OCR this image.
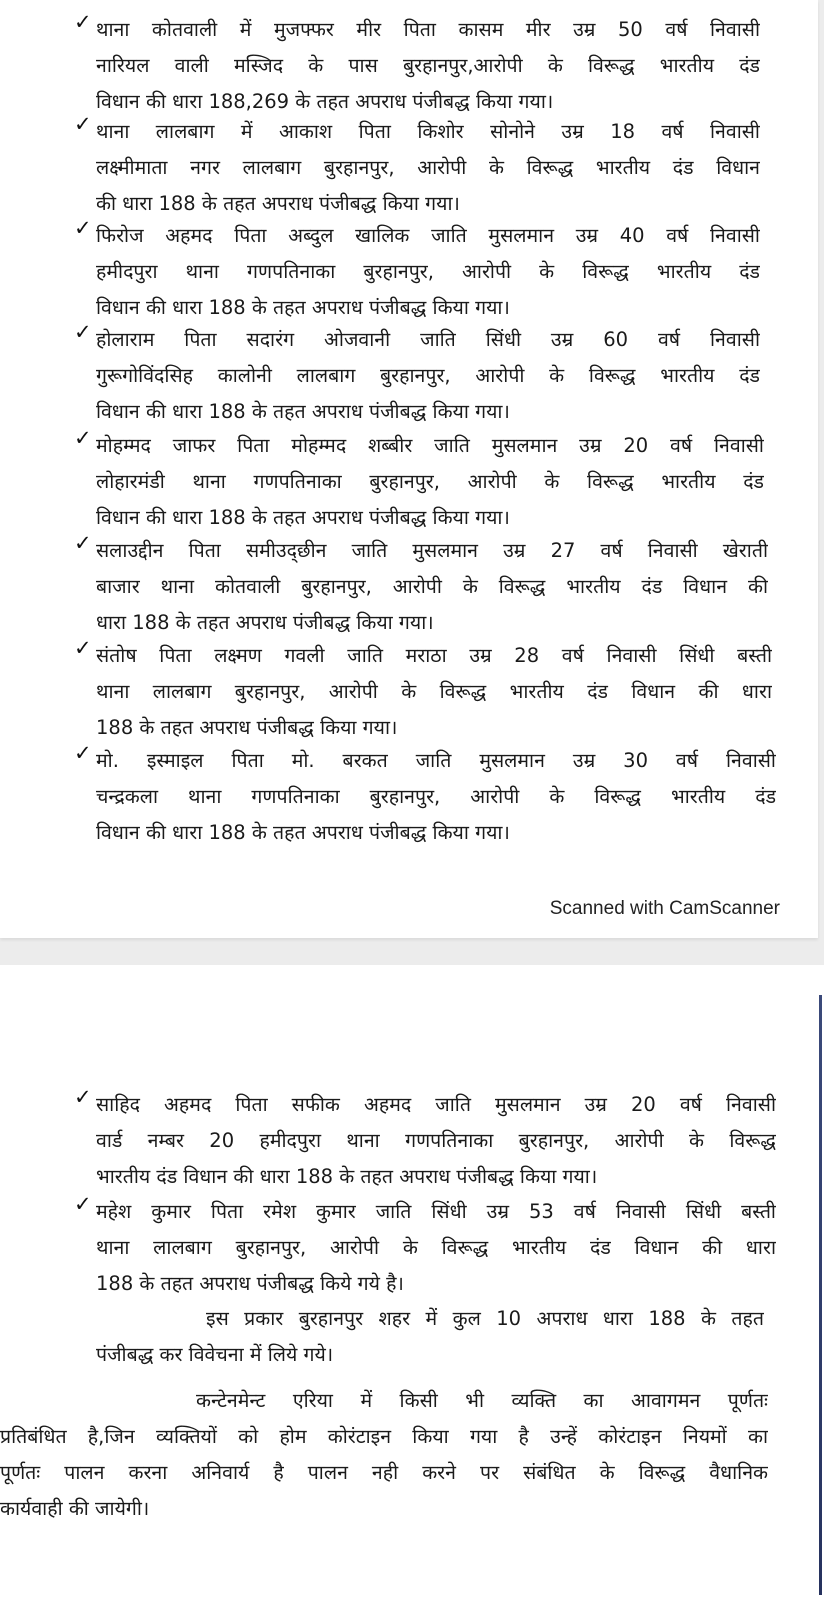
✓ थाना कोतवाली में मुजफ्फर मीर पिता कासम मीर उम्र 50 वर्ष निवासी
नारियल वाली मस्जिद के पास बुरहानपुर,आरोपी के विरूद्ध भारतीय दंड
विधान की धारा 188,269 के तहत अपराध पंजीबद्ध किया गया।
✓ थाना लालबाग में आकाश पिता किशोर सोनोने उम्र 18 वर्ष निवासी
लक्ष्मीमाता नगर लालबाग बुरहानपुर, आरोपी के विरूद्ध भारतीय दंड विधान
की धारा 188 के तहत अपराध पंजीबद्ध किया गया।
✓ फिरोज अहमद पिता अब्दुल खालिक जाति मुसलमान उम्र 40 वर्ष निवासी
हमीदपुरा थाना गणपतिनाका बुरहानपुर, आरोपी के विरूद्ध भारतीय दंड
विधान की धारा 188 के तहत अपराध पंजीबद्ध किया गया।
✓ होलाराम पिता सदारंग ओजवानी जाति सिंधी उम्र 60 वर्ष निवासी
गुरूगोविंदसिह कालोनी लालबाग बुरहानपुर, आरोपी के विरूद्ध भारतीय दंड
विधान की धारा 188 के तहत अपराध पंजीबद्ध किया गया।
✓ मोहम्मद जाफर पिता मोहम्मद शब्बीर जाति मुसलमान उम्र 20 वर्ष निवासी
लोहारमंडी थाना गणपतिनाका बुरहानपुर, आरोपी के विरूद्ध भारतीय दंड
विधान की धारा 188 के तहत अपराध पंजीबद्ध किया गया।
✓ सलाउद्दीन पिता समीउद्छीन जाति मुसलमान उम्र 27 वर्ष निवासी खेराती
बाजार थाना कोतवाली बुरहानपुर, आरोपी के विरूद्ध भारतीय दंड विधान की
धारा 188 के तहत अपराध पंजीबद्ध किया गया।
✓ संतोष पिता लक्ष्मण गवली जाति मराठा उम्र 28 वर्ष निवासी सिंधी बस्ती
थाना लालबाग बुरहानपुर, आरोपी के विरूद्ध भारतीय दंड विधान की धारा
188 के तहत अपराध पंजीबद्ध किया गया।
✓ मो. इस्माइल पिता मो. बरकत जाति मुसलमान उम्र 30 वर्ष निवासी
चन्द्रकला थाना गणपतिनाका बुरहानपुर, आरोपी के विरूद्ध भारतीय दंड
विधान की धारा 188 के तहत अपराध पंजीबद्ध किया गया।
Scanned with CamScanner
✓ साहिद अहमद पिता सफीक अहमद जाति मुसलमान उम्र 20 वर्ष निवासी
वार्ड नम्बर 20 हमीदपुरा थाना गणपतिनाका बुरहानपुर, आरोपी के विरूद्ध
भारतीय दंड विधान की धारा 188 के तहत अपराध पंजीबद्ध किया गया।
✓ महेश कुमार पिता रमेश कुमार जाति सिंधी उम्र 53 वर्ष निवासी सिंधी बस्ती
थाना लालबाग बुरहानपुर, आरोपी के विरूद्ध भारतीय दंड विधान की धारा
188 के तहत अपराध पंजीबद्ध किये गये है।
इस प्रकार बुरहानपुर शहर में कुल 10 अपराध धारा 188 के तहत
पंजीबद्ध कर विवेचना में लिये गये।
कन्टेनमेन्ट एरिया में किसी भी व्यक्ति का आवागमन पूर्णतः
प्रतिबंधित है,जिन व्यक्तियों को होम कोरंटाइन किया गया है उन्हें कोरंटाइन नियमों का
पूर्णतः पालन करना अनिवार्य है पालन नही करने पर संबंधित के विरूद्ध वैधानिक
कार्यवाही की जायेगी।
